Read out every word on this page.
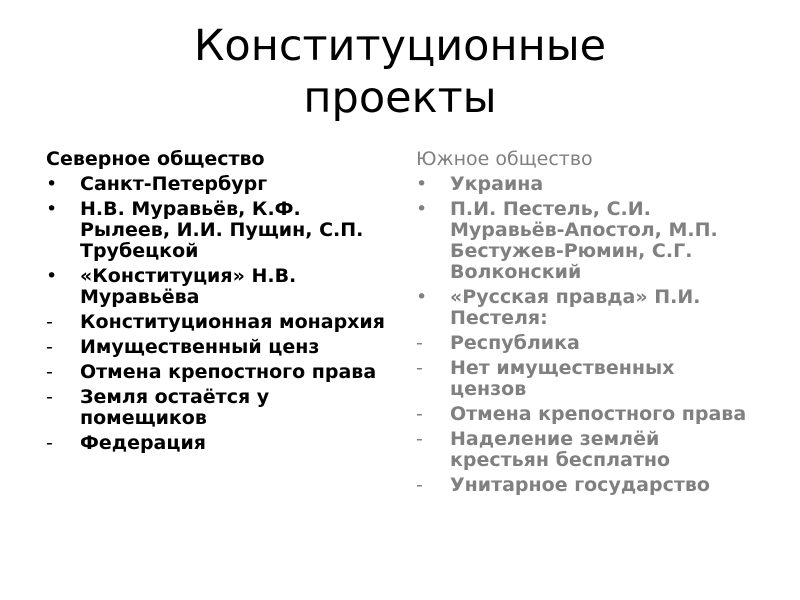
Конституционные
проекты
Северное общество
•	Санкт-Петербург
•	Н.В. Муравьёв, К.Ф. Рылеев, И.И. Пущин, С.П. Трубецкой
•	«Конституция» Н.В. Муравьёва
-	Конституционная монархия
-	Имущественный ценз
-	Отмена крепостного права
-	Земля остаётся у помещиков
-	Федерация
Южное общество
•	Украина
•	П.И. Пестель, С.И. Муравьёв-Апостол, М.П. Бестужев-Рюмин, С.Г. Волконский
•	«Русская правда» П.И. Пестеля:
-	Республика
-	Нет имущественных цензов
-	Отмена крепостного права
-	Наделение землёй крестьян бесплатно
-	Унитарное государство
